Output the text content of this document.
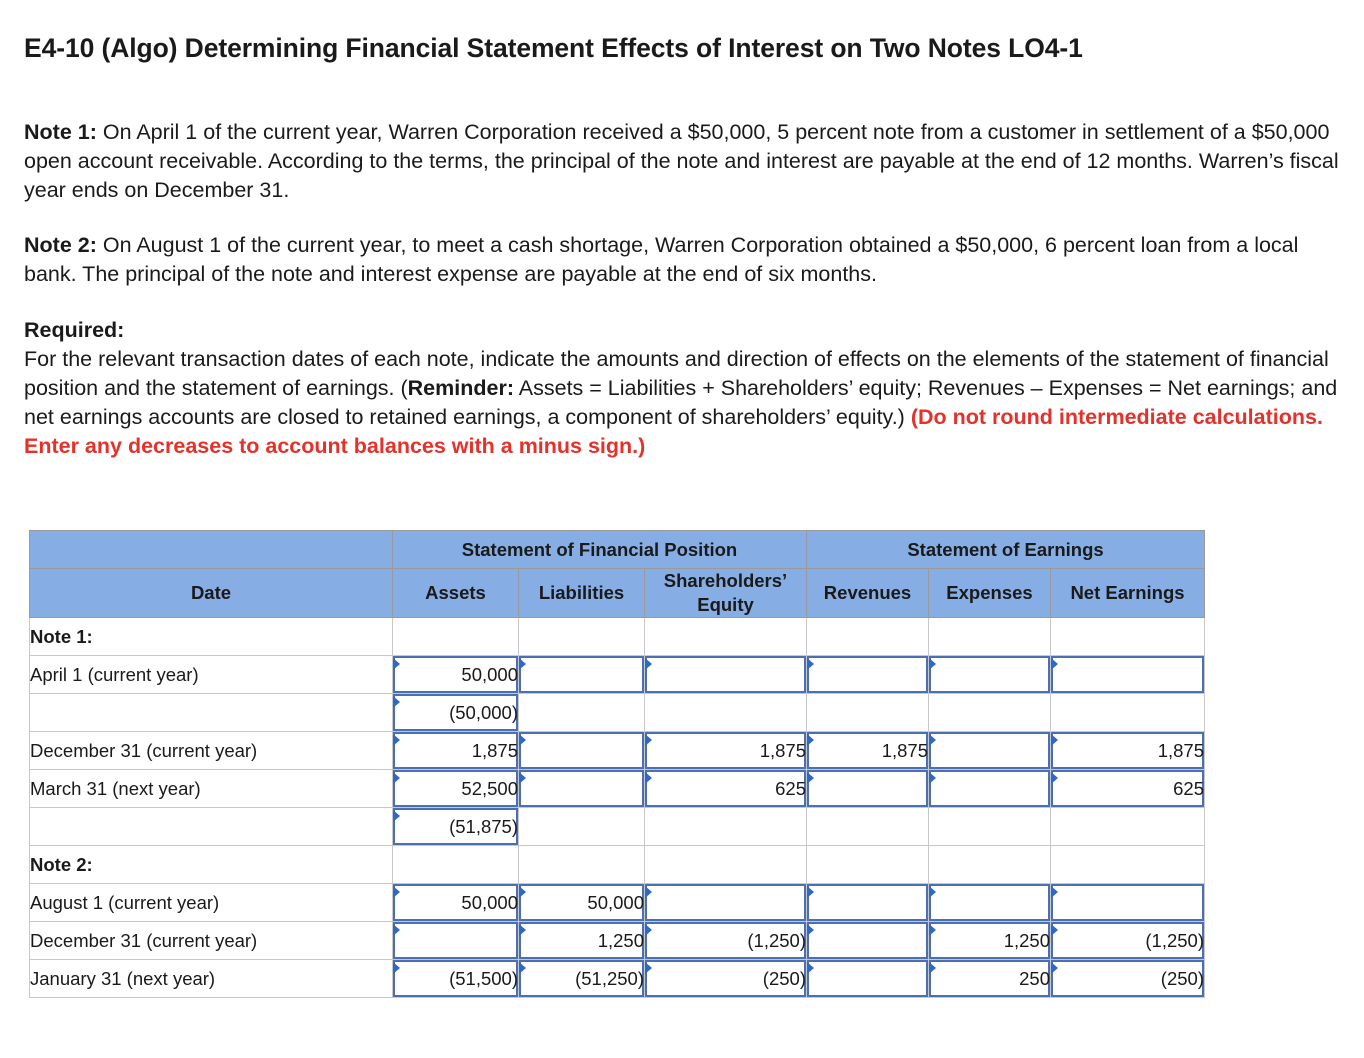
E4-10 (Algo) Determining Financial Statement Effects of Interest on Two Notes LO4-1
Note 1: On April 1 of the current year, Warren Corporation received a $50,000, 5 percent note from a customer in settlement of a $50,000 open account receivable. According to the terms, the principal of the note and interest are payable at the end of 12 months. Warren’s fiscal year ends on December 31.
Note 2: On August 1 of the current year, to meet a cash shortage, Warren Corporation obtained a $50,000, 6 percent loan from a local bank. The principal of the note and interest expense are payable at the end of six months.
Required:
For the relevant transaction dates of each note, indicate the amounts and direction of effects on the elements of the statement of financial position and the statement of earnings. (Reminder: Assets = Liabilities + Shareholders’ equity; Revenues – Expenses = Net earnings; and net earnings accounts are closed to retained earnings, a component of shareholders’ equity.) (Do not round intermediate calculations. Enter any decreases to account balances with a minus sign.)
	Statement of Financial Position			Statement of Earnings		
Date	Assets	Liabilities	Shareholders’
Equity	Revenues	Expenses	Net Earnings
Note 1:						
April 1 (current year)	50,000					
	(50,000)					
December 31 (current year)	1,875		1,875	1,875		1,875
March 31 (next year)	52,500		625			625
	(51,875)					
Note 2:						
August 1 (current year)	50,000	50,000				
December 31 (current year)		1,250	(1,250)		1,250	(1,250)
January 31 (next year)	(51,500)	(51,250)	(250)		250	(250)
